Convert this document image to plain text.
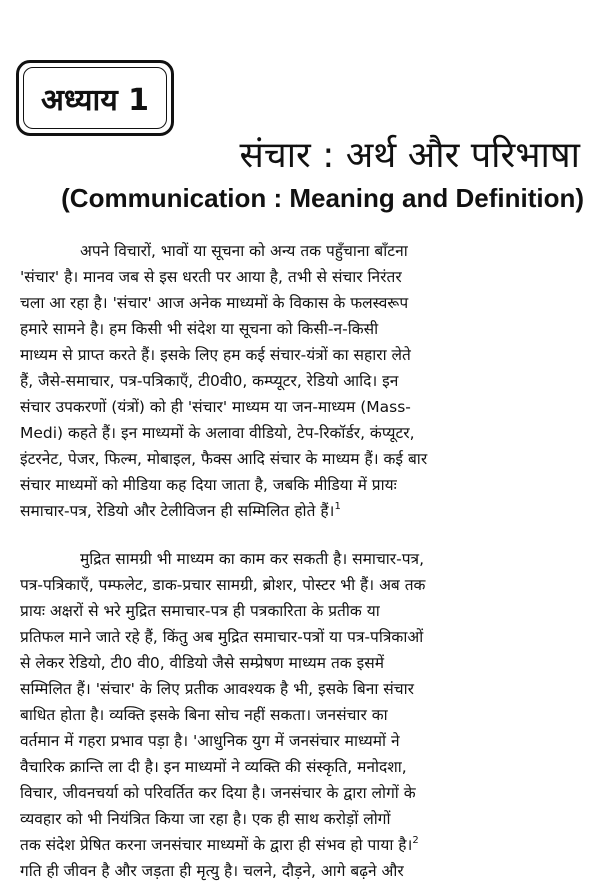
अध्याय 1
संचार : अर्थ और परिभाषा
(Communication : Meaning and Definition)
अपने विचारों, भावों या सूचना को अन्य तक पहुँचाना बाँटना
'संचार' है। मानव जब से इस धरती पर आया है, तभी से संचार निरंतर
चला आ रहा है। 'संचार' आज अनेक माध्यमों के विकास के फलस्वरूप
हमारे सामने है। हम किसी भी संदेश या सूचना को किसी-न-किसी
माध्यम से प्राप्त करते हैं। इसके लिए हम कई संचार-यंत्रों का सहारा लेते
हैं, जैसे-समाचार, पत्र-पत्रिकाएँ, टी0वी0, कम्प्यूटर, रेडियो आदि। इन
संचार उपकरणों (यंत्रों) को ही 'संचार' माध्यम या जन-माध्यम (Mass-
Medi) कहते हैं। इन माध्यमों के अलावा वीडियो, टेप-रिकॉर्डर, कंप्यूटर,
इंटरनेट, पेजर, फिल्म, मोबाइल, फैक्स आदि संचार के माध्यम हैं। कई बार
संचार माध्यमों को मीडिया कह दिया जाता है, जबकि मीडिया में प्रायः
समाचार-पत्र, रेडियो और टेलीविजन ही सम्मिलित होते हैं।$^1$
मुद्रित सामग्री भी माध्यम का काम कर सकती है। समाचार-पत्र,
पत्र-पत्रिकाएँ, पम्फलेट, डाक-प्रचार सामग्री, ब्रोशर, पोस्टर भी हैं। अब तक
प्रायः अक्षरों से भरे मुद्रित समाचार-पत्र ही पत्रकारिता के प्रतीक या
प्रतिफल माने जाते रहे हैं, किंतु अब मुद्रित समाचार-पत्रों या पत्र-पत्रिकाओं
से लेकर रेडियो, टी0 वी0, वीडियो जैसे सम्प्रेषण माध्यम तक इसमें
सम्मिलित हैं। 'संचार' के लिए प्रतीक आवश्यक है भी, इसके बिना संचार
बाधित होता है। व्यक्ति इसके बिना सोच नहीं सकता। जनसंचार का
वर्तमान में गहरा प्रभाव पड़ा है। 'आधुनिक युग में जनसंचार माध्यमों ने
वैचारिक क्रान्ति ला दी है। इन माध्यमों ने व्यक्ति की संस्कृति, मनोदशा,
विचार, जीवनचर्या को परिवर्तित कर दिया है। जनसंचार के द्वारा लोगों के
व्यवहार को भी नियंत्रित किया जा रहा है। एक ही साथ करोड़ों लोगों
तक संदेश प्रेषित करना जनसंचार माध्यमों के द्वारा ही संभव हो पाया है।$^2$
गति ही जीवन है और जड़ता ही मृत्यु है। चलने, दौड़ने, आगे बढ़ने और
